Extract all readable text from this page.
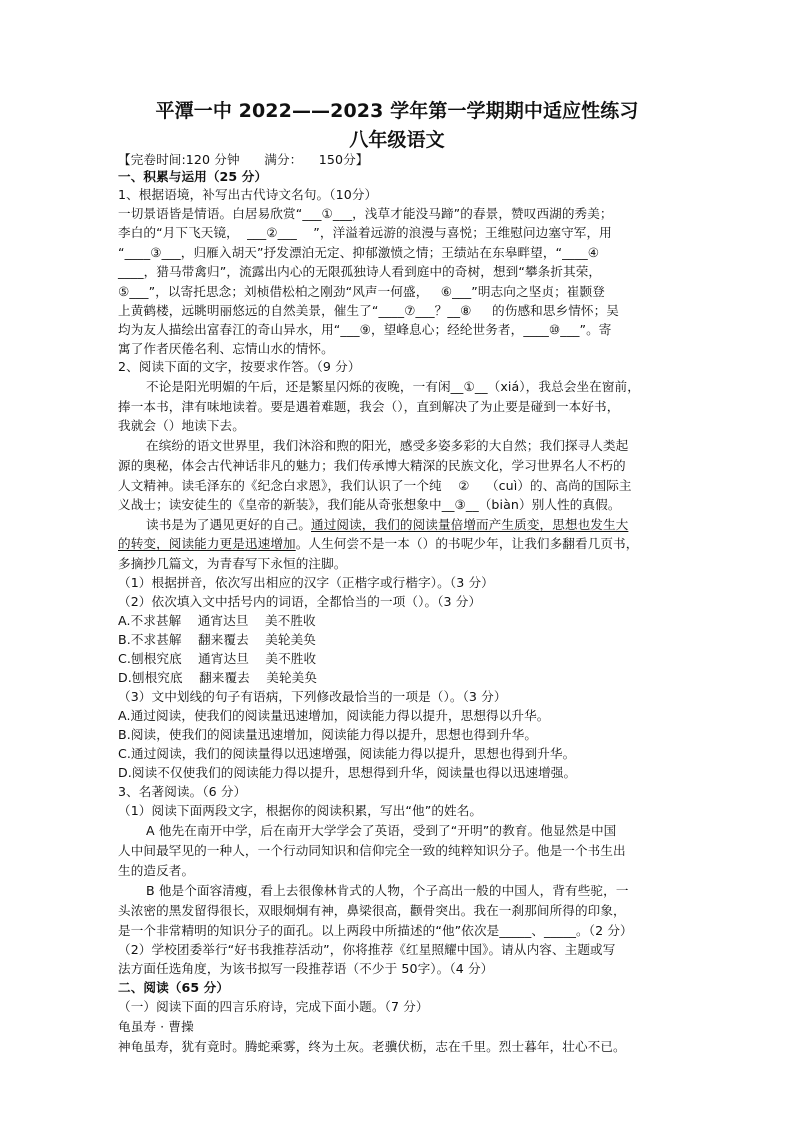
平潭一中 2022——2023 学年第一学期期中适应性练习
八年级语文
【完卷时间:120 分钟      满分：    150分】
一、积累与运用（25 分）
1、根据语境，补写出古代诗文名句。（10分）
一切景语皆是情语。白居易欣赏“___①___，浅草才能没马蹄”的春景，赞叹西湖的秀美；
李白的“月下飞天镜，  ___②___    ”，洋溢着远游的浪漫与喜悦；王维慰问边塞守军，用
“____③___，归雁入胡天”抒发漂泊无定、抑郁激愤之情；王绩站在东皋畔望，“____④
____，猎马带禽归”，流露出内心的无限孤独诗人看到庭中的奇树，想到“攀条折其荣，
⑤___”，以寄托思念；刘桢借松柏之刚劲“风声一何盛，   ⑥___”明志向之坚贞；崔颢登
上黄鹤楼，远眺明丽悠远的自然美景，催生了“____⑦___？__⑧     的伤感和思乡情怀；吴
均为友人描绘出富春江的奇山异水，用“___⑨，望峰息心；经纶世务者，____⑩___”。寄
寓了作者厌倦名利、忘情山水的情怀。
2、阅读下面的文字，按要求作答。（9 分）
不论是阳光明媚的午后，还是繁星闪烁的夜晚，一有闲__①__（xiá），我总会坐在窗前，
捧一本书，津有味地读着。要是遇着难题，我会（），直到解决了为止要是碰到一本好书，
我就会（）地读下去。
在缤纷的语文世界里，我们沐浴和煦的阳光，感受多姿多彩的大自然；我们探寻人类起
源的奥秘，体会古代神话非凡的魅力；我们传承博大精深的民族文化，学习世界名人不朽的
人文精神。读毛泽东的《纪念白求恩》，我们认识了一个纯    ②    （cuì）的、高尚的国际主
义战士；读安徒生的《皇帝的新装》，我们能从奇张想象中__③__（biàn）别人性的真假。
读书是为了遇见更好的自己。通过阅读，我们的阅读量倍增而产生质变，思想也发生大
的转变，阅读能力更是迅速增加。人生何尝不是一本（）的书呢少年，让我们多翻看几页书，
多摘抄几篇文，为青春写下永恒的注脚。
（1）根据拼音，依次写出相应的汉字（正楷字或行楷字）。（3 分）
（2）依次填入文中括号内的词语，全都恰当的一项（）。（3 分）
A.不求甚解    通宵达旦    美不胜收
B.不求甚解    翻来覆去    美轮美奂
C.刨根究底    通宵达旦    美不胜收
D.刨根究底    翻来覆去    美轮美奂
（3）文中划线的句子有语病，下列修改最恰当的一项是（）。（3 分）
A.通过阅读，使我们的阅读量迅速增加，阅读能力得以提升，思想得以升华。
B.阅读，使我们的阅读量迅速增加，阅读能力得以提升，思想也得到升华。
C.通过阅读，我们的阅读量得以迅速增强，阅读能力得以提升，思想也得到升华。
D.阅读不仅使我们的阅读能力得以提升，思想得到升华，阅读量也得以迅速增强。
3、名著阅读。（6 分）
（1）阅读下面两段文字，根据你的阅读积累，写出“他”的姓名。
A 他先在南开中学，后在南开大学学会了英语，受到了“开明”的教育。他显然是中国
人中间最罕见的一种人，一个行动同知识和信仰完全一致的纯粹知识分子。他是一个书生出
生的造反者。
B 他是个面容清瘦，看上去很像林肯式的人物，个子高出一般的中国人，背有些驼，一
头浓密的黑发留得很长，双眼炯炯有神，鼻梁很高，颧骨突出。我在一刹那间所得的印象，
是一个非常精明的知识分子的面孔。以上两段中所描述的“他”依次是_____、_____。（2 分）
（2）学校团委举行“好书我推荐活动”，你将推荐《红星照耀中国》。请从内容、主题或写
法方面任选角度，为该书拟写一段推荐语（不少于 50字）。（4 分）
二、阅读（65 分）
（一）阅读下面的四言乐府诗，完成下面小题。（7 分）
龟虽寿 · 曹操
神龟虽寿，犹有竟时。腾蛇乘雾，终为土灰。老骥伏枥，志在千里。烈士暮年，壮心不已。
